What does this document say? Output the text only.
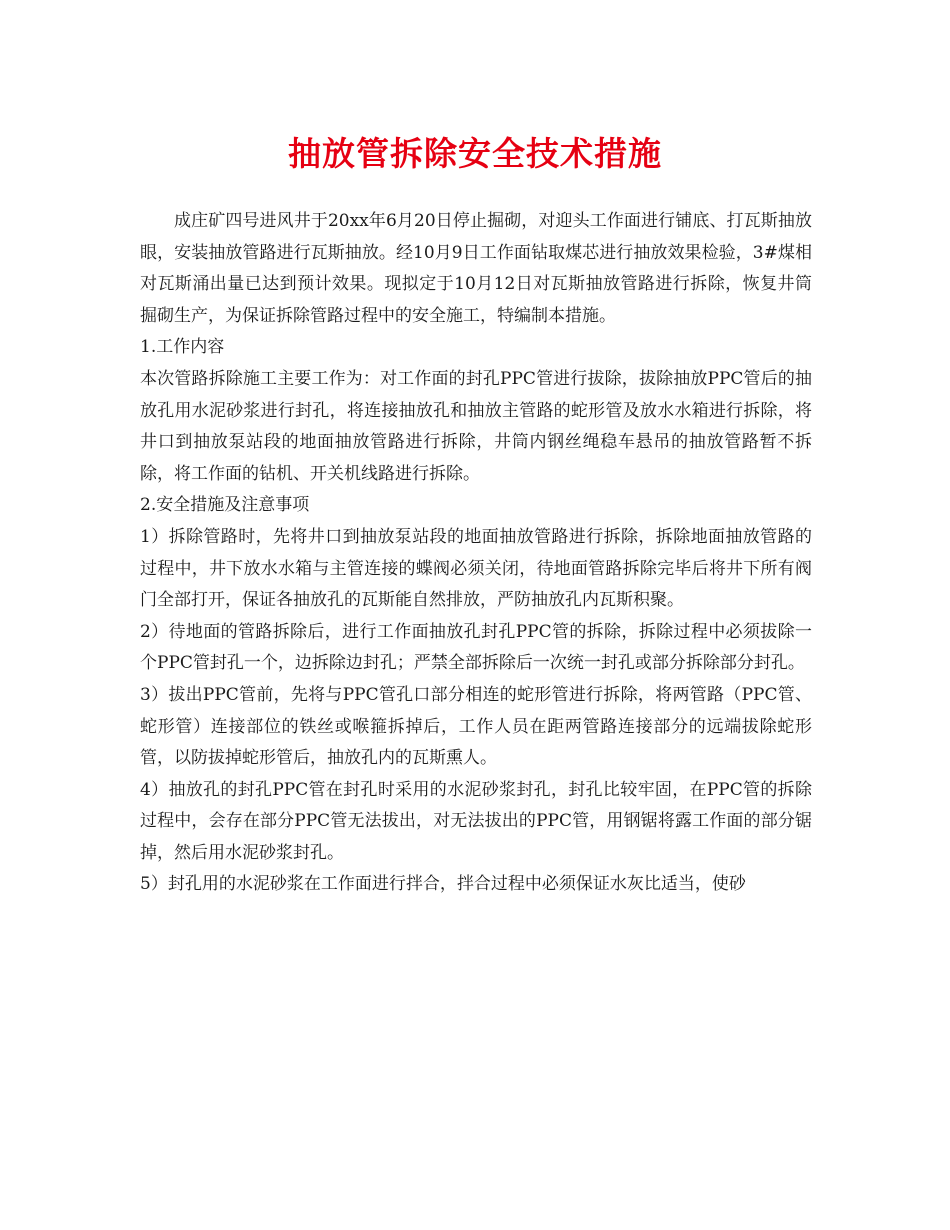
抽放管拆除安全技术措施

成庄矿四号进风井于20xx年6月20日停止掘砌，对迎头工作面进行铺底、打瓦斯抽放眼，安装抽放管路进行瓦斯抽放。经10月9日工作面钻取煤芯进行抽放效果检验，3#煤相对瓦斯涌出量已达到预计效果。现拟定于10月12日对瓦斯抽放管路进行拆除，恢复井筒掘砌生产，为保证拆除管路过程中的安全施工，特编制本措施。

1.工作内容

本次管路拆除施工主要工作为：对工作面的封孔PPC管进行拔除，拔除抽放PPC管后的抽放孔用水泥砂浆进行封孔，将连接抽放孔和抽放主管路的蛇形管及放水水箱进行拆除，将井口到抽放泵站段的地面抽放管路进行拆除，井筒内钢丝绳稳车悬吊的抽放管路暂不拆除，将工作面的钻机、开关机线路进行拆除。

2.安全措施及注意事项

1）拆除管路时，先将井口到抽放泵站段的地面抽放管路进行拆除，拆除地面抽放管路的过程中，井下放水水箱与主管连接的蝶阀必须关闭，待地面管路拆除完毕后将井下所有阀门全部打开，保证各抽放孔的瓦斯能自然排放，严防抽放孔内瓦斯积聚。

2）待地面的管路拆除后，进行工作面抽放孔封孔PPC管的拆除，拆除过程中必须拔除一个PPC管封孔一个，边拆除边封孔；严禁全部拆除后一次统一封孔或部分拆除部分封孔。

3）拔出PPC管前，先将与PPC管孔口部分相连的蛇形管进行拆除，将两管路（PPC管、蛇形管）连接部位的铁丝或喉箍拆掉后，工作人员在距两管路连接部分的远端拔除蛇形管，以防拔掉蛇形管后，抽放孔内的瓦斯熏人。

4）抽放孔的封孔PPC管在封孔时采用的水泥砂浆封孔，封孔比较牢固，在PPC管的拆除过程中，会存在部分PPC管无法拔出，对无法拔出的PPC管，用钢锯将露工作面的部分锯掉，然后用水泥砂浆封孔。

5）封孔用的水泥砂浆在工作面进行拌合，拌合过程中必须保证水灰比适当，使砂
